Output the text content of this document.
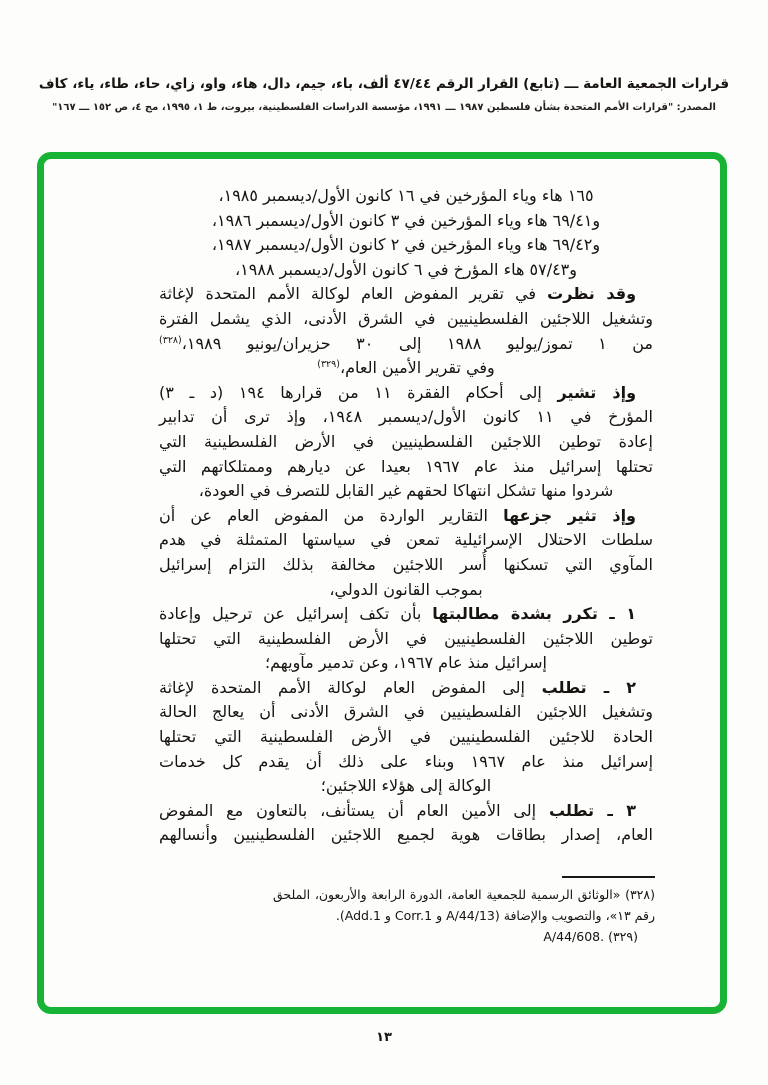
قرارات الجمعية العامة ـــ (تابع) القرار الرقم ٤٧/٤٤ ألف، باء، جيم، دال، هاء، واو، زاي، حاء، طاء، ياء، كاف
المصدر: "قرارات الأمم المتحدة بشأن فلسطين ١٩٨٧ ـــ ١٩٩١، مؤسسة الدراسات الفلسطينية، بيروت، ط ١، ١٩٩٥، مج ٤، ص ١٥٢ ـــ ١٦٧"
١٦٥ هاء وياء المؤرخين في ١٦ كانون الأول/ديسمبر ١٩٨٥،
و٦٩/٤١ هاء وياء المؤرخين في ٣ كانون الأول/ديسمبر ١٩٨٦،
و٦٩/٤٢ هاء وياء المؤرخين في ٢ كانون الأول/ديسمبر ١٩٨٧،
و٥٧/٤٣ هاء المؤرخ في ٦ كانون الأول/ديسمبر ١٩٨٨،
وقد نظرت في تقرير المفوض العام لوكالة الأمم المتحدة لإغاثة
وتشغيل اللاجئين الفلسطينيين في الشرق الأدنى، الذي يشمل الفترة
من ١ تموز/يوليو ١٩٨٨ إلى ٣٠ حزيران/يونيو ١٩٨٩،$^{(٣٢٨)}$
وفي تقرير الأمين العام،$^{(٣٢٩)}$
وإذ تشير إلى أحكام الفقرة ١١ من قرارها ١٩٤ (د ـ ٣)
المؤرخ في ١١ كانون الأول/ديسمبر ١٩٤٨، وإذ ترى أن تدابير
إعادة توطين اللاجئين الفلسطينيين في الأرض الفلسطينية التي
تحتلها إسرائيل منذ عام ١٩٦٧ بعيدا عن ديارهم وممتلكاتهم التي
شردوا منها تشكل انتهاكا لحقهم غير القابل للتصرف في العودة،
وإذ تثير جزعها التقارير الواردة من المفوض العام عن أن
سلطات الاحتلال الإسرائيلية تمعن في سياستها المتمثلة في هدم
المآوي التي تسكنها أُسر اللاجئين مخالفة بذلك التزام إسرائيل
بموجب القانون الدولي،
١ ـ تكرر بشدة مطالبتها بأن تكف إسرائيل عن ترحيل وإعادة
توطين اللاجئين الفلسطينيين في الأرض الفلسطينية التي تحتلها
إسرائيل منذ عام ١٩٦٧، وعن تدمير مآويهم؛
٢ ـ تطلب إلى المفوض العام لوكالة الأمم المتحدة لإغاثة
وتشغيل اللاجئين الفلسطينيين في الشرق الأدنى أن يعالج الحالة
الحادة للاجئين الفلسطينيين في الأرض الفلسطينية التي تحتلها
إسرائيل منذ عام ١٩٦٧ وبناء على ذلك أن يقدم كل خدمات
الوكالة إلى هؤلاء اللاجئين؛
٣ ـ تطلب إلى الأمين العام أن يستأنف، بالتعاون مع المفوض
العام، إصدار بطاقات هوية لجميع اللاجئين الفلسطينيين وأنسالهم
(٣٢٨) «الوثائق الرسمية للجمعية العامة، الدورة الرابعة والأربعون، الملحق
رقم ١٣»، والتصويب والإضافة (A/44/13 و Corr.1 و Add.1).
(٣٢٩) A/44/608.
١٣
